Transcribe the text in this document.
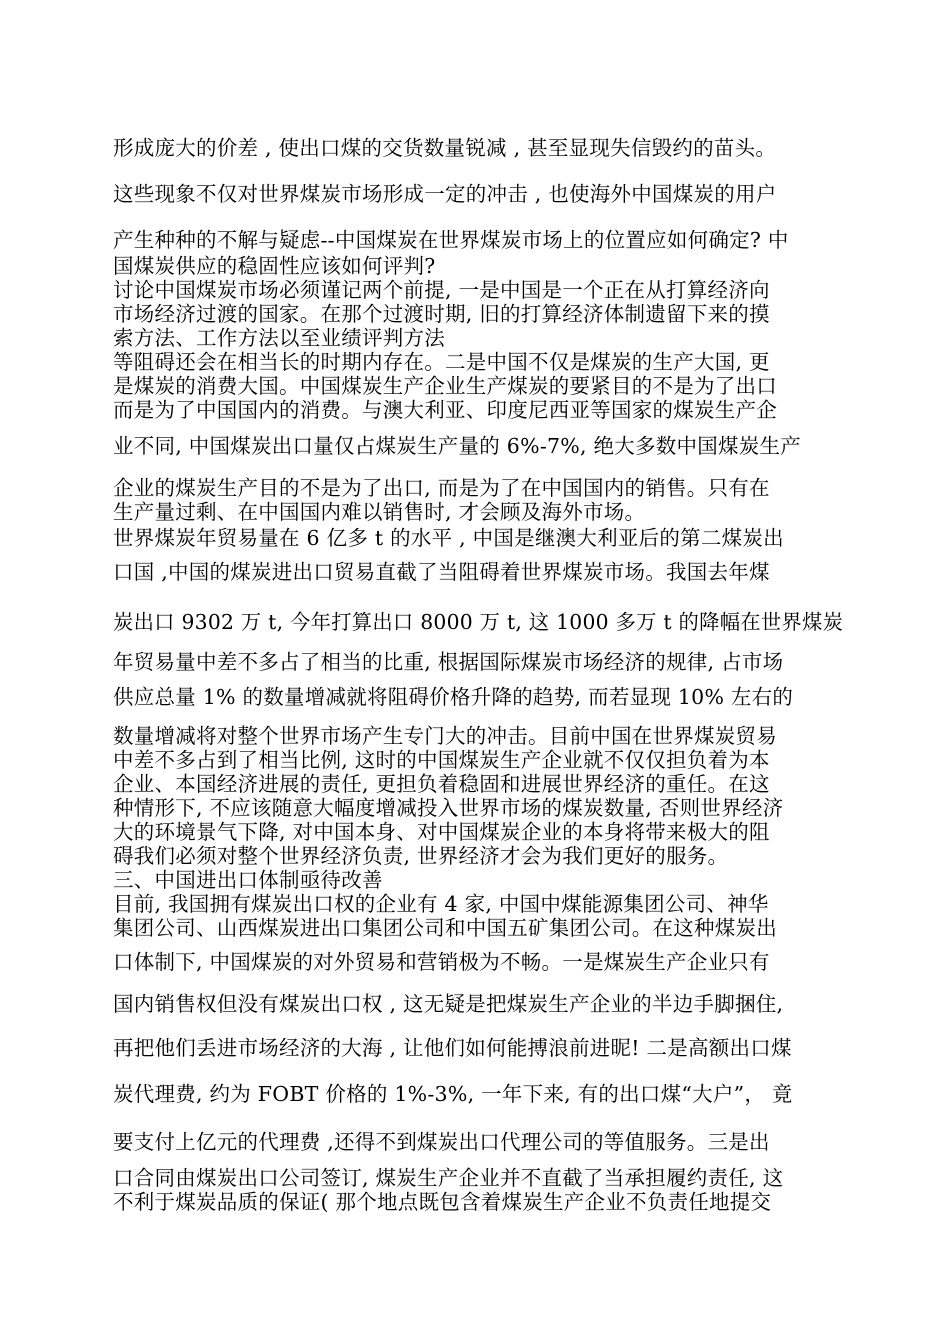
形成庞大的价差 , 使出口煤的交货数量锐减 , 甚至显现失信毁约的苗头。
这些现象不仅对世界煤炭市场形成一定的冲击 , 也使海外中国煤炭的用户
产生种种的不解与疑虑--中国煤炭在世界煤炭市场上的位置应如何确定? 中
国煤炭供应的稳固性应该如何评判?
讨论中国煤炭市场必须谨记两个前提, 一是中国是一个正在从打算经济向
市场经济过渡的国家。在那个过渡时期, 旧的打算经济体制遗留下来的摸
索方法、工作方法以至业绩评判方法
等阻碍还会在相当长的时期内存在。二是中国不仅是煤炭的生产大国, 更
是煤炭的消费大国。中国煤炭生产企业生产煤炭的要紧目的不是为了出口
而是为了中国国内的消费。与澳大利亚、印度尼西亚等国家的煤炭生产企
业不同, 中国煤炭出口量仅占煤炭生产量的 6%-7%, 绝大多数中国煤炭生产
企业的煤炭生产目的不是为了出口, 而是为了在中国国内的销售。只有在
生产量过剩、在中国国内难以销售时, 才会顾及海外市场。
世界煤炭年贸易量在 6 亿多 t 的水平 , 中国是继澳大利亚后的第二煤炭出
口国 ,中国的煤炭进出口贸易直截了当阻碍着世界煤炭市场。我国去年煤
炭出口 9302 万 t, 今年打算出口 8000 万 t, 这 1000 多万 t 的降幅在世界煤炭
年贸易量中差不多占了相当的比重, 根据国际煤炭市场经济的规律, 占市场
供应总量 1% 的数量增减就将阻碍价格升降的趋势, 而若显现 10% 左右的
数量增减将对整个世界市场产生专门大的冲击。目前中国在世界煤炭贸易
中差不多占到了相当比例, 这时的中国煤炭生产企业就不仅仅担负着为本
企业、本国经济进展的责任, 更担负着稳固和进展世界经济的重任。在这
种情形下, 不应该随意大幅度增减投入世界市场的煤炭数量, 否则世界经济
大的环境景气下降, 对中国本身、对中国煤炭企业的本身将带来极大的阻
碍我们必须对整个世界经济负责, 世界经济才会为我们更好的服务。
三、中国进出口体制亟待改善
目前, 我国拥有煤炭出口权的企业有 4 家, 中国中煤能源集团公司、神华
集团公司、山西煤炭进出口集团公司和中国五矿集团公司。在这种煤炭出
口体制下, 中国煤炭的对外贸易和营销极为不畅。一是煤炭生产企业只有
国内销售权但没有煤炭出口权 , 这无疑是把煤炭生产企业的半边手脚捆住,
再把他们丢进市场经济的大海 , 让他们如何能搏浪前进昵! 二是高额出口煤
炭代理费, 约为 FOBT 价格的 1%-3%, 一年下来, 有的出口煤“大户”， 竟
要支付上亿元的代理费 ,还得不到煤炭出口代理公司的等值服务。三是出
口合同由煤炭出口公司签订, 煤炭生产企业并不直截了当承担履约责任, 这
不利于煤炭品质的保证( 那个地点既包含着煤炭生产企业不负责任地提交
